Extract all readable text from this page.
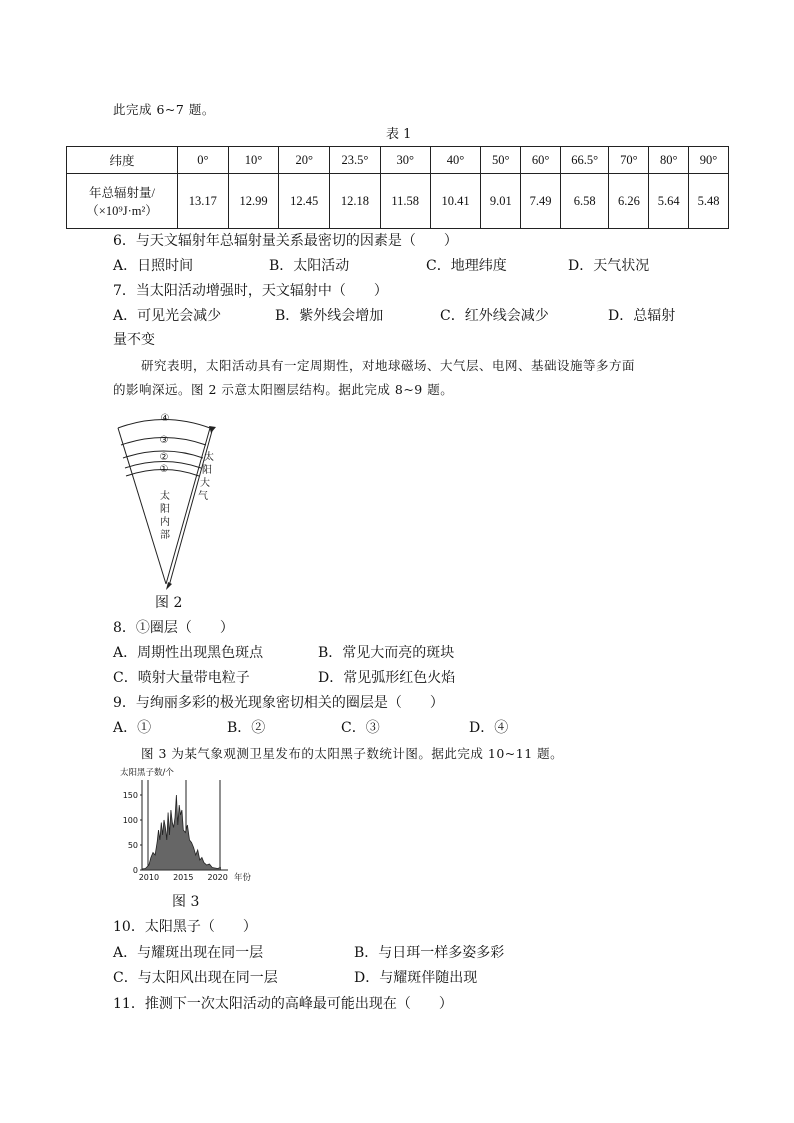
此完成 6~7 题。
表 1
纬度	0°	10°	20°	23.5°	30°	40°	50°	60°	66.5°	70°	80°	90°

年总辐射量/
（×10⁹J·m²）	13.17	12.99	12.45	12.18	11.58	10.41	9.01	7.49	6.58	6.26	5.64	5.48
6．与天文辐射年总辐射量关系最密切的因素是（　　）
A．日照时间	B．太阳活动	C．地理纬度	D．天气状况
7．当太阳活动增强时，天文辐射中（　　）
A．可见光会减少	B．紫外线会增加	C．红外线会减少	D．总辐射
量不变
研究表明，太阳活动具有一定周期性，对地球磁场、大气层、电网、基础设施等多方面
的影响深远。图 2 示意太阳圈层结构。据此完成 8~9 题。
④
③
②
①
太
阳
内
部
太
阳
大
气
图 2
8．①圈层（　　）
A．周期性出现黑色斑点	B．常见大而亮的斑块
C．喷射大量带电粒子	D．常见弧形红色火焰
9．与绚丽多彩的极光现象密切相关的圈层是（　　）
A．①	B．②	C．③	D．④
图 3 为某气象观测卫星发布的太阳黑子数统计图。据此完成 10~11 题。
太阳黑子数/个
0
50
100
150
2010 2015 2020 年份
图 3
10．太阳黑子（　　）
A．与耀斑出现在同一层	B．与日珥一样多姿多彩
C．与太阳风出现在同一层	D．与耀斑伴随出现
11．推测下一次太阳活动的高峰最可能出现在（　　）
